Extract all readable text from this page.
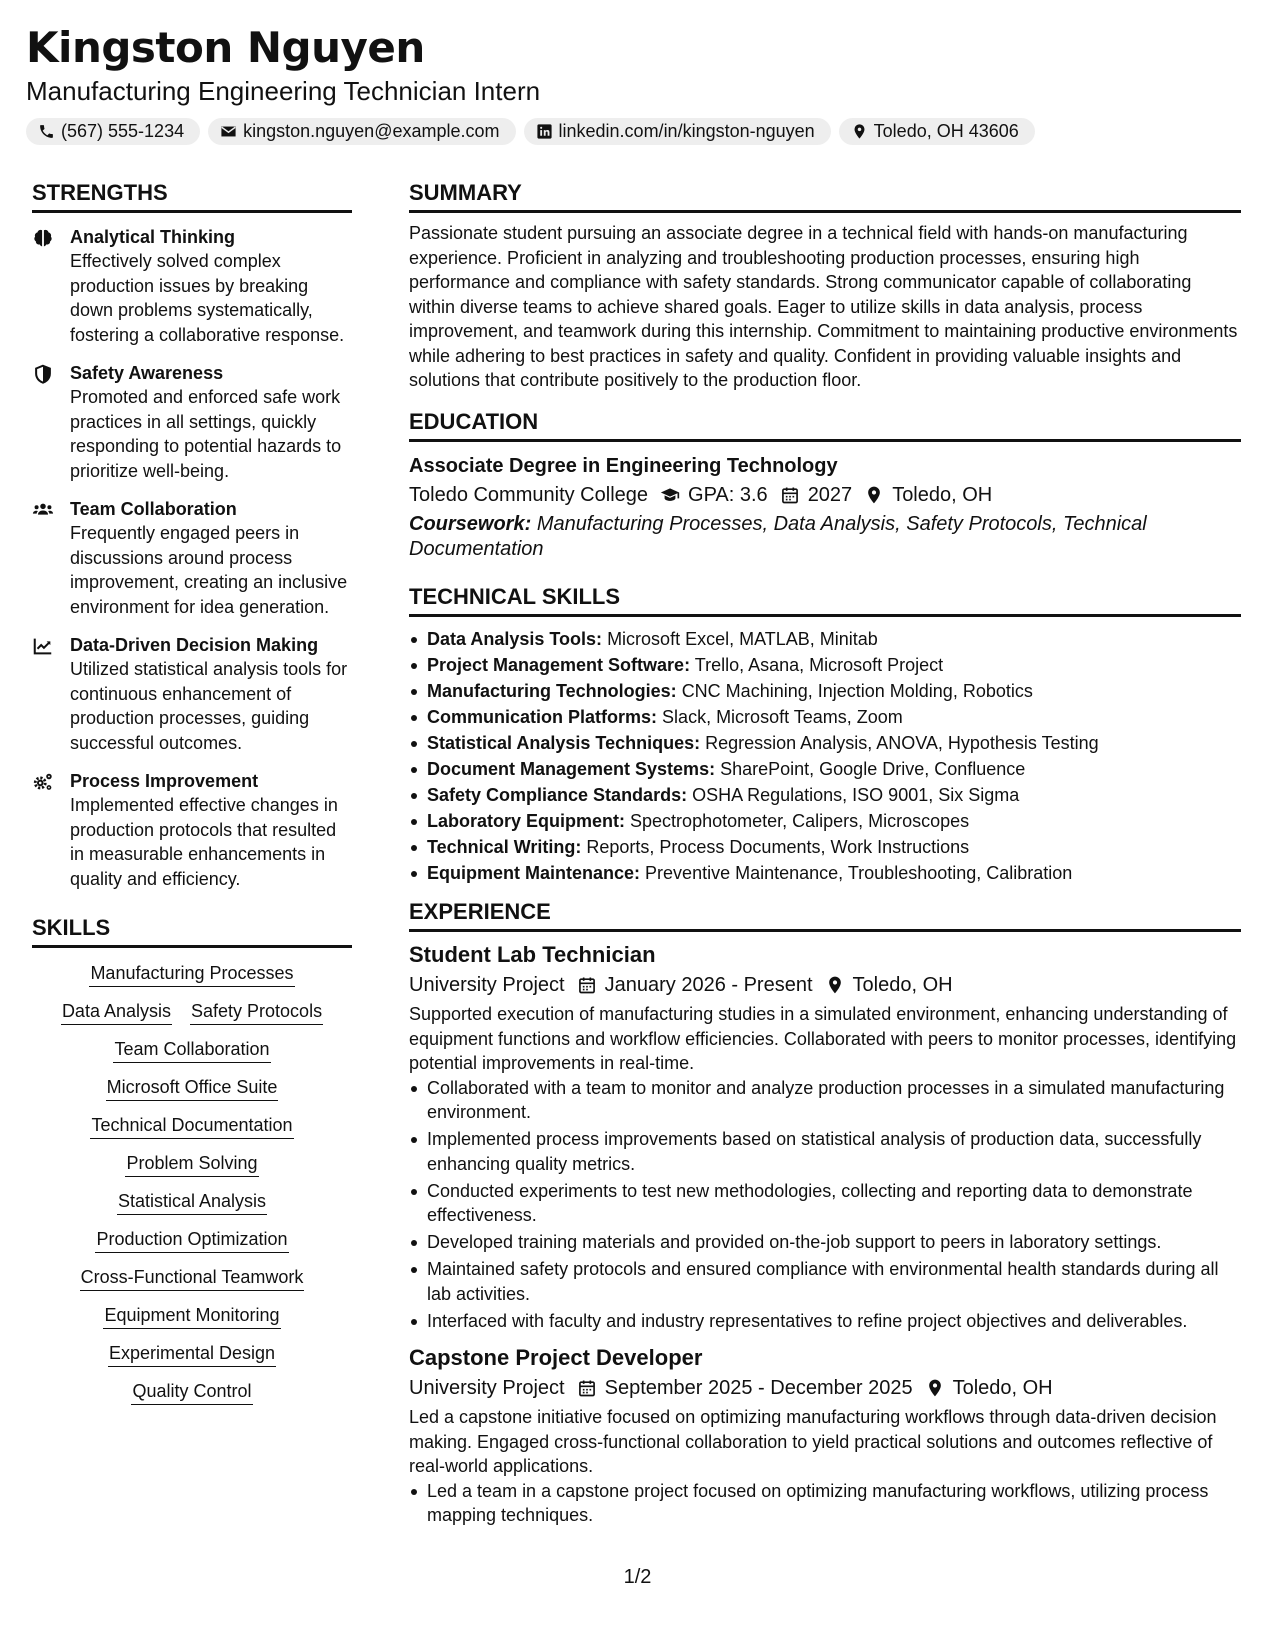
Kingston Nguyen
Manufacturing Engineering Technician Intern
(567) 555-1234	kingston.nguyen@example.com	linkedin.com/in/kingston-nguyen	Toledo, OH 43606
STRENGTHS
Analytical Thinking
Effectively solved complex production issues by breaking down problems systematically, fostering a collaborative response.
Safety Awareness
Promoted and enforced safe work practices in all settings, quickly responding to potential hazards to prioritize well-being.
Team Collaboration
Frequently engaged peers in discussions around process improvement, creating an inclusive environment for idea generation.
Data-Driven Decision Making
Utilized statistical analysis tools for continuous enhancement of production processes, guiding successful outcomes.
Process Improvement
Implemented effective changes in production protocols that resulted in measurable enhancements in quality and efficiency.
SKILLS
Manufacturing Processes
Data Analysis Safety Protocols
Team Collaboration
Microsoft Office Suite
Technical Documentation
Problem Solving
Statistical Analysis
Production Optimization
Cross-Functional Teamwork
Equipment Monitoring
Experimental Design
Quality Control
SUMMARY
Passionate student pursuing an associate degree in a technical field with hands-on manufacturing experience. Proficient in analyzing and troubleshooting production processes, ensuring high performance and compliance with safety standards. Strong communicator capable of collaborating within diverse teams to achieve shared goals. Eager to utilize skills in data analysis, process improvement, and teamwork during this internship. Commitment to maintaining productive environments while adhering to best practices in safety and quality. Confident in providing valuable insights and solutions that contribute positively to the production floor.
EDUCATION
Associate Degree in Engineering Technology
Toledo Community College GPA: 3.6 2027 Toledo, OH
Coursework: Manufacturing Processes, Data Analysis, Safety Protocols, Technical Documentation
TECHNICAL SKILLS
Data Analysis Tools: Microsoft Excel, MATLAB, Minitab
Project Management Software: Trello, Asana, Microsoft Project
Manufacturing Technologies: CNC Machining, Injection Molding, Robotics
Communication Platforms: Slack, Microsoft Teams, Zoom
Statistical Analysis Techniques: Regression Analysis, ANOVA, Hypothesis Testing
Document Management Systems: SharePoint, Google Drive, Confluence
Safety Compliance Standards: OSHA Regulations, ISO 9001, Six Sigma
Laboratory Equipment: Spectrophotometer, Calipers, Microscopes
Technical Writing: Reports, Process Documents, Work Instructions
Equipment Maintenance: Preventive Maintenance, Troubleshooting, Calibration
EXPERIENCE
Student Lab Technician
University Project January 2026 - Present Toledo, OH
Supported execution of manufacturing studies in a simulated environment, enhancing understanding of equipment functions and workflow efficiencies. Collaborated with peers to monitor processes, identifying potential improvements in real-time.
Collaborated with a team to monitor and analyze production processes in a simulated manufacturing environment.
Implemented process improvements based on statistical analysis of production data, successfully enhancing quality metrics.
Conducted experiments to test new methodologies, collecting and reporting data to demonstrate effectiveness.
Developed training materials and provided on-the-job support to peers in laboratory settings.
Maintained safety protocols and ensured compliance with environmental health standards during all lab activities.
Interfaced with faculty and industry representatives to refine project objectives and deliverables.
Capstone Project Developer
University Project September 2025 - December 2025 Toledo, OH
Led a capstone initiative focused on optimizing manufacturing workflows through data-driven decision making. Engaged cross-functional collaboration to yield practical solutions and outcomes reflective of real-world applications.
Led a team in a capstone project focused on optimizing manufacturing workflows, utilizing process mapping techniques.
1/2
